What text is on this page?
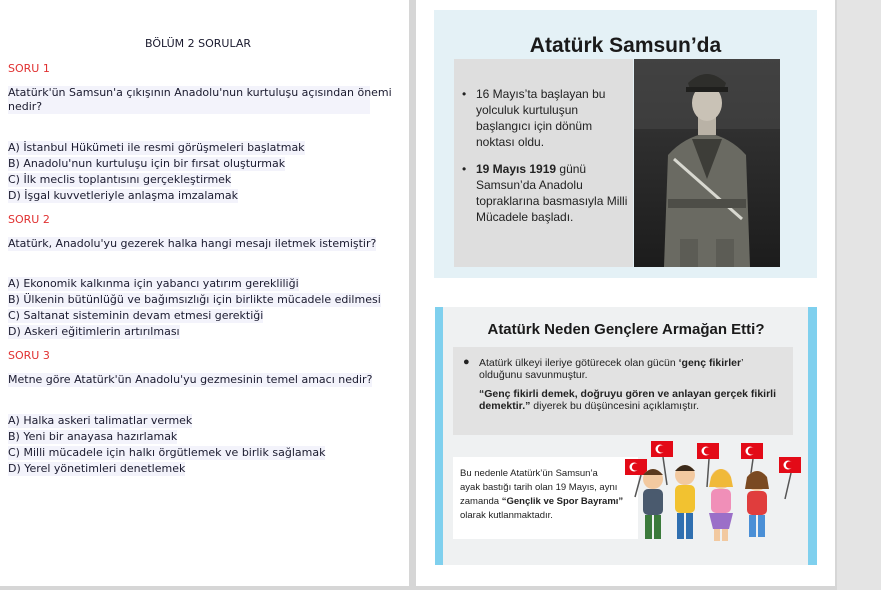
BÖLÜM 2 SORULAR
SORU 1
Atatürk'ün Samsun'a çıkışının Anadolu'nun kurtuluşu açısından önemi
nedir?
A) İstanbul Hükümeti ile resmi görüşmeleri başlatmak
B) Anadolu'nun kurtuluşu için bir fırsat oluşturmak
C) İlk meclis toplantısını gerçekleştirmek
D) İşgal kuvvetleriyle anlaşma imzalamak
SORU 2
Atatürk, Anadolu'yu gezerek halka hangi mesajı iletmek istemiştir?
A) Ekonomik kalkınma için yabancı yatırım gerekliliği
B) Ülkenin bütünlüğü ve bağımsızlığı için birlikte mücadele edilmesi
C) Saltanat sisteminin devam etmesi gerektiği
D) Askeri eğitimlerin artırılması
SORU 3
Metne göre Atatürk'ün Anadolu'yu gezmesinin temel amacı nedir?
A) Halka askeri talimatlar vermek
B) Yeni bir anayasa hazırlamak
C) Milli mücadele için halkı örgütlemek ve birlik sağlamak
D) Yerel yönetimleri denetlemek
Atatürk Samsun’da
• 16 Mayıs’ta başlayan bu
yolculuk kurtuluşun
başlangıcı için dönüm
noktası oldu.
• 19 Mayıs 1919 günü
Samsun’da Anadolu
topraklarına basmasıyla Milli
Mücadele başladı.
Atatürk Neden Gençlere Armağan Etti?
● Atatürk ülkeyi ileriye götürecek olan gücün ‘genç fikirler’
olduğunu savunmuştur.
“Genç fikirli demek, doğruyu gören ve anlayan gerçek fikirli
demektir.” diyerek bu düşüncesini açıklamıştır.
Bu nedenle Atatürk’ün Samsun’a
ayak bastığı tarih olan 19 Mayıs, aynı
zamanda “Gençlik ve Spor Bayramı”
olarak kutlanmaktadır.
